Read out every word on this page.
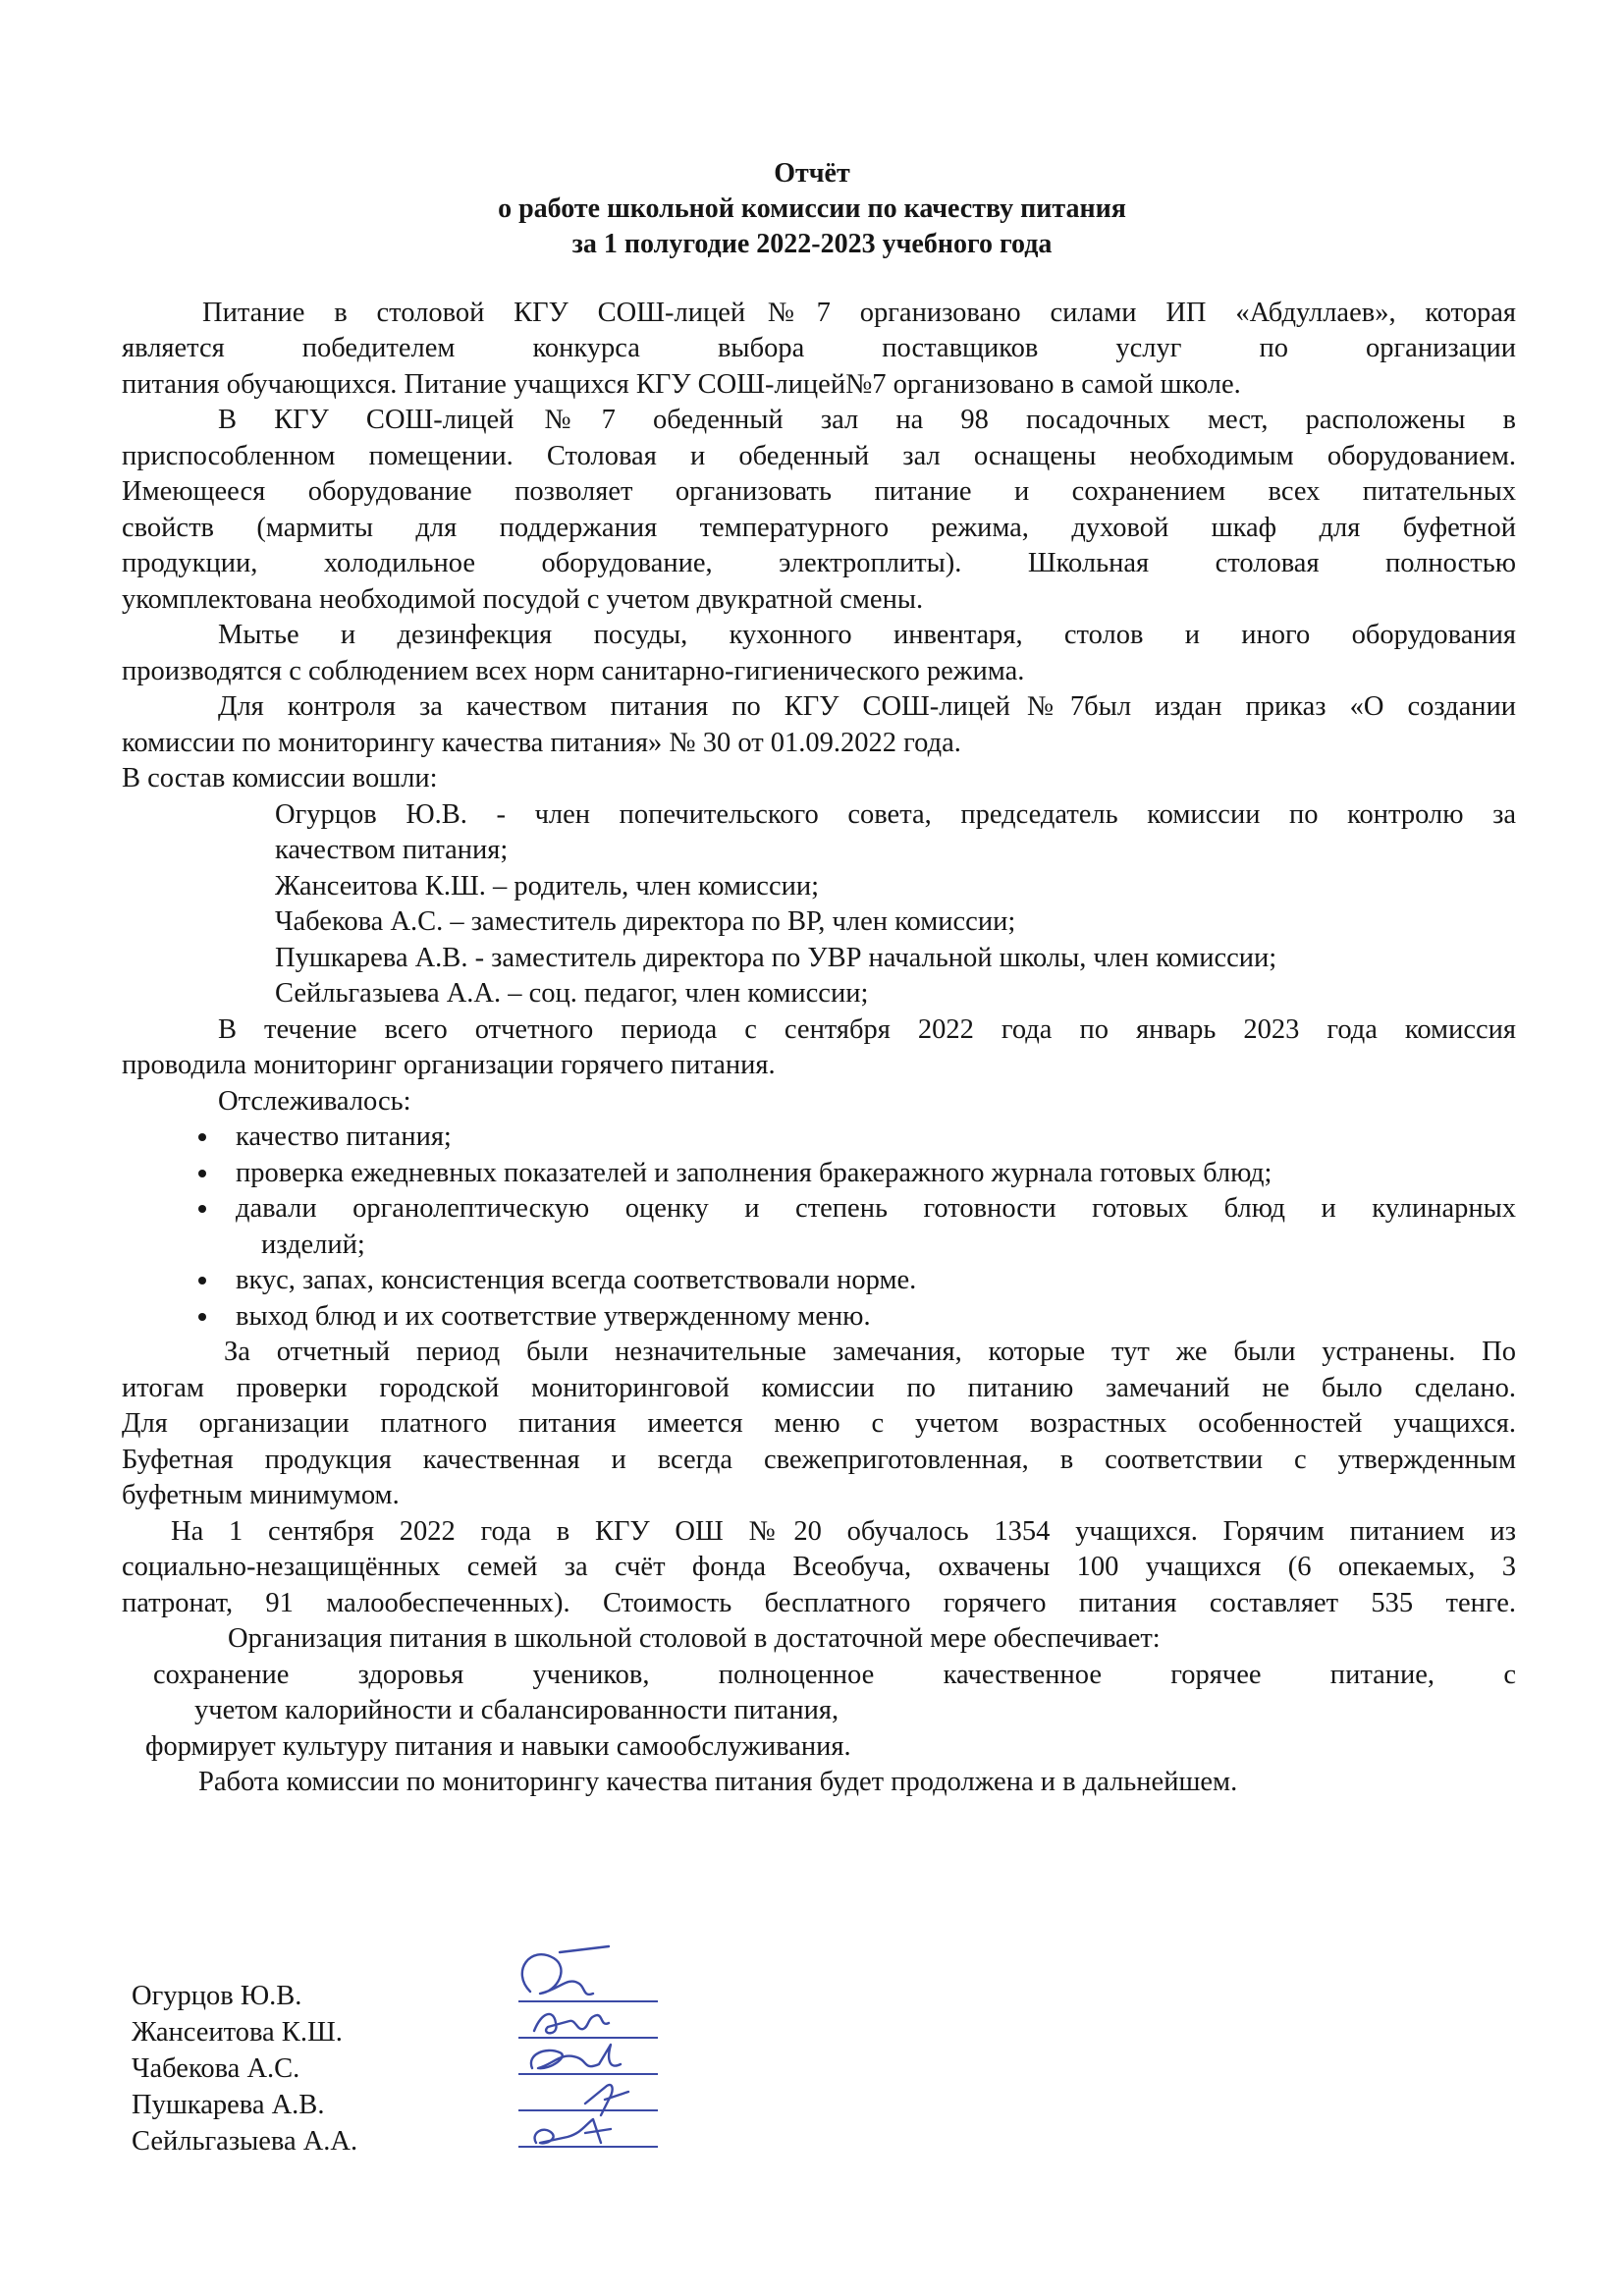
Отчёт
о работе школьной комиссии по качеству питания
за 1 полугодие 2022-2023 учебного года
Питание в столовой КГУ СОШ-лицей№7 организовано силами ИП «Абдуллаев», которая
является победителем конкурса выбора поставщиков услуг по организации
питания обучающихся. Питание учащихся КГУ СОШ-лицей№7 организовано в самой школе.
В КГУ СОШ-лицей№7 обеденный зал на 98 посадочных мест, расположены в
приспособленном помещении. Столовая и обеденный зал оснащены необходимым оборудованием.
Имеющееся оборудование позволяет организовать питание и сохранением всех питательных
свойств (мармиты для поддержания температурного режима, духовой шкаф для буфетной
продукции, холодильное оборудование, электроплиты). Школьная столовая полностью
укомплектована необходимой посудой с учетом двукратной смены.
Мытье и дезинфекция посуды, кухонного инвентаря, столов и иного оборудования
производятся с соблюдением всех норм санитарно-гигиенического режима.
Для контроля за качеством питания по КГУ СОШ-лицей№7был издан приказ «О создании
комиссии по мониторингу качества питания» № 30 от 01.09.2022 года.
В состав комиссии вошли:
Огурцов Ю.В. - член попечительского совета, председатель комиссии по контролю за
качеством питания;
Жансеитова К.Ш. – родитель, член комиссии;
Чабекова А.С. – заместитель директора по ВР, член комиссии;
Пушкарева А.В. - заместитель директора по УВР начальной школы, член комиссии;
Сейльгазыева А.А. – соц. педагог, член комиссии;
В течение всего отчетного периода с сентября 2022 года по январь 2023 года комиссия
проводила мониторинг организации горячего питания.
Отслеживалось:
качество питания;
проверка ежедневных показателей и заполнения бракеражного журнала готовых блюд;
давали органолептическую оценку и степень готовности готовых блюд и кулинарных
изделий;
вкус, запах, консистенция всегда соответствовали норме.
выход блюд и их соответствие утвержденному меню.
За отчетный период были незначительные замечания, которые тут же были устранены. По
итогам проверки городской мониторинговой комиссии по питанию замечаний не было сделано.
Для организации платного питания имеется меню с учетом возрастных особенностей учащихся.
Буфетная продукция качественная и всегда свежеприготовленная, в соответствии с утвержденным
буфетным минимумом.
На 1 сентября 2022 года в КГУ ОШ №20 обучалось 1354 учащихся. Горячим питанием из
социально-незащищённых семей за счёт фонда Всеобуча, охвачены 100 учащихся (6 опекаемых, 3
патронат, 91 малообеспеченных). Стоимость бесплатного горячего питания составляет 535 тенге.
Организация питания в школьной столовой в достаточной мере обеспечивает:
сохранение здоровья учеников, полноценное качественное горячее питание, с
учетом калорийности и сбалансированности питания,
формирует культуру питания и навыки самообслуживания.
Работа комиссии по мониторингу качества питания будет продолжена и в дальнейшем.
Огурцов Ю.В.
Жансеитова К.Ш.
Чабекова А.С.
Пушкарева А.В.
Сейльгазыева А.А.
